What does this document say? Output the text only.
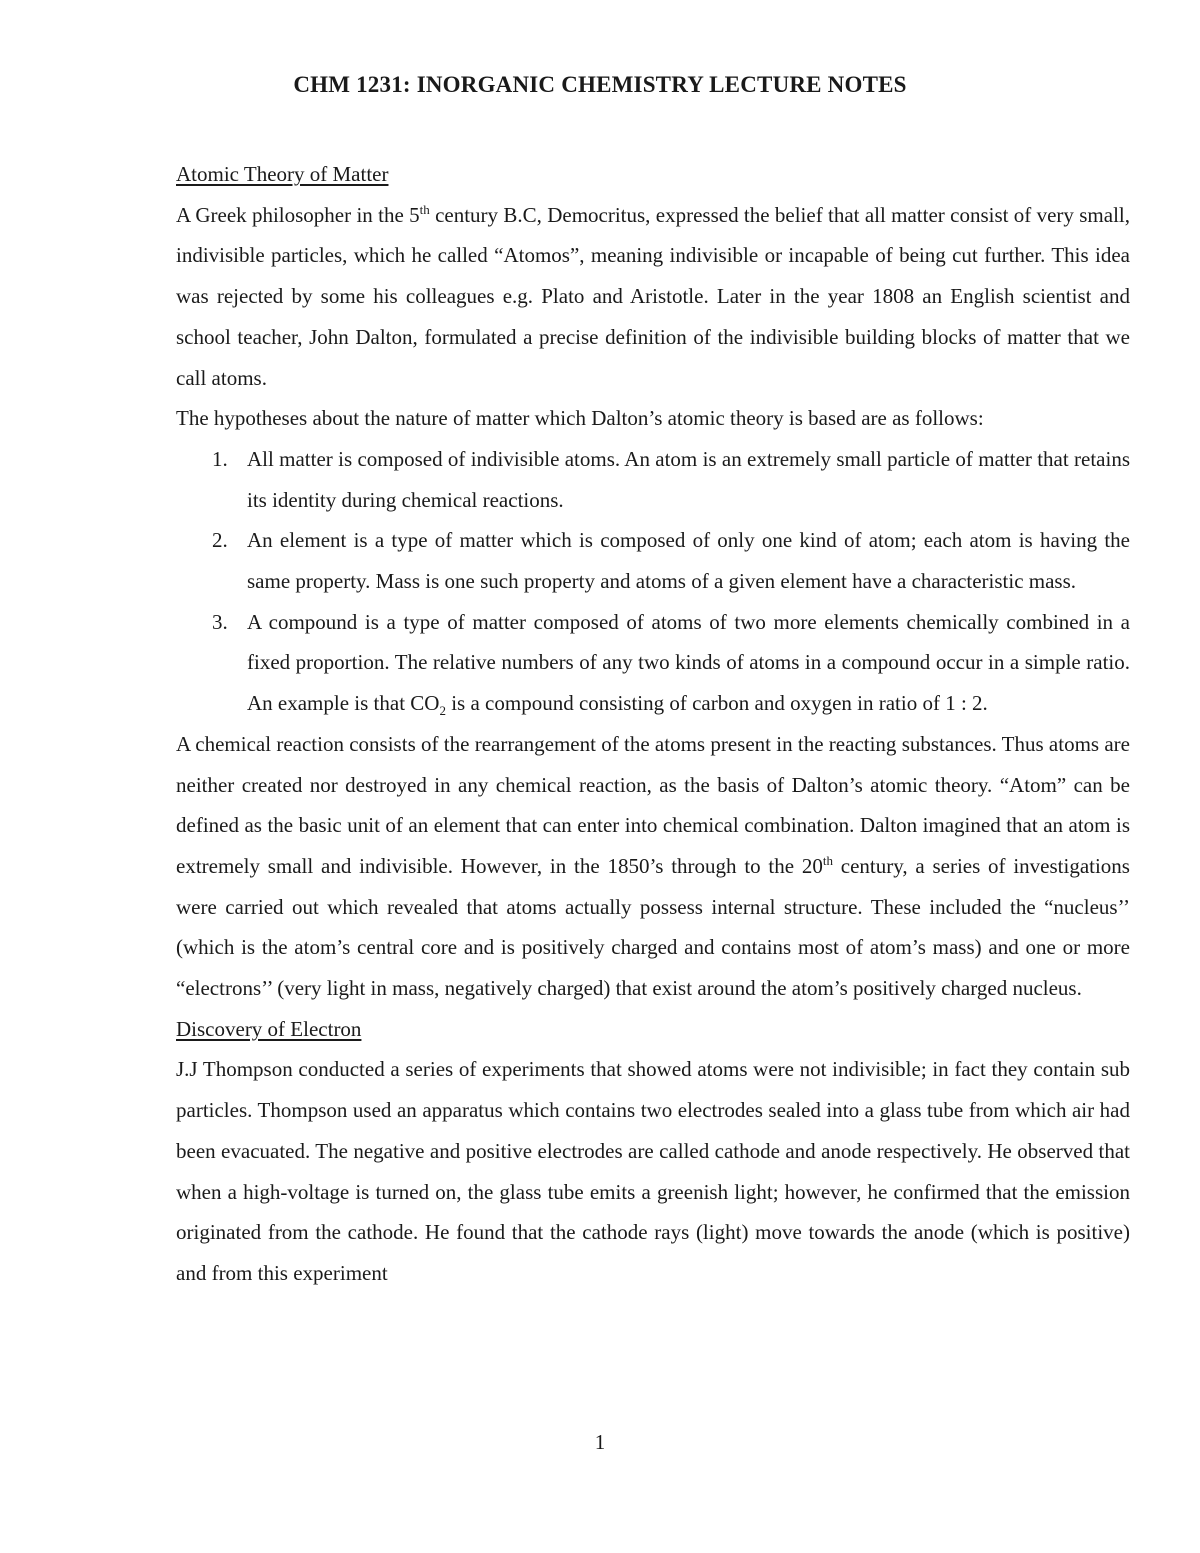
CHM 1231: INORGANIC CHEMISTRY LECTURE NOTES
Atomic Theory of Matter

A Greek philosopher in the 5th century B.C, Democritus, expressed the belief that all matter consist of very small, indivisible particles, which he called “Atomos”, meaning indivisible or incapable of being cut further. This idea was rejected by some his colleagues e.g. Plato and Aristotle. Later in the year 1808 an English scientist and school teacher, John Dalton, formulated a precise definition of the indivisible building blocks of matter that we call atoms.

The hypotheses about the nature of matter which Dalton’s atomic theory is based are as follows:

1. All matter is composed of indivisible atoms. An atom is an extremely small particle of matter that retains its identity during chemical reactions.
2. An element is a type of matter which is composed of only one kind of atom; each atom is having the same property. Mass is one such property and atoms of a given element have a characteristic mass.
3. A compound is a type of matter composed of atoms of two more elements chemically combined in a fixed proportion. The relative numbers of any two kinds of atoms in a compound occur in a simple ratio. An example is that $CO_2$ is a compound consisting of carbon and oxygen in ratio of 1 : 2.

A chemical reaction consists of the rearrangement of the atoms present in the reacting substances. Thus atoms are neither created nor destroyed in any chemical reaction, as the basis of Dalton’s atomic theory. “Atom” can be defined as the basic unit of an element that can enter into chemical combination. Dalton imagined that an atom is extremely small and indivisible. However, in the 1850’s through to the 20th century, a series of investigations were carried out which revealed that atoms actually possess internal structure. These included the “nucleus’’ (which is the atom’s central core and is positively charged and contains most of atom’s mass) and one or more “electrons’’ (very light in mass, negatively charged) that exist around the atom’s positively charged nucleus.

Discovery of Electron

J.J Thompson conducted a series of experiments that showed atoms were not indivisible; in fact they contain sub particles. Thompson used an apparatus which contains two electrodes sealed into a glass tube from which air had been evacuated. The negative and positive electrodes are called cathode and anode respectively. He observed that when a high-voltage is turned on, the glass tube emits a greenish light; however, he confirmed that the emission originated from the cathode. He found that the cathode rays (light) move towards the anode (which is positive) and from this experiment

1
